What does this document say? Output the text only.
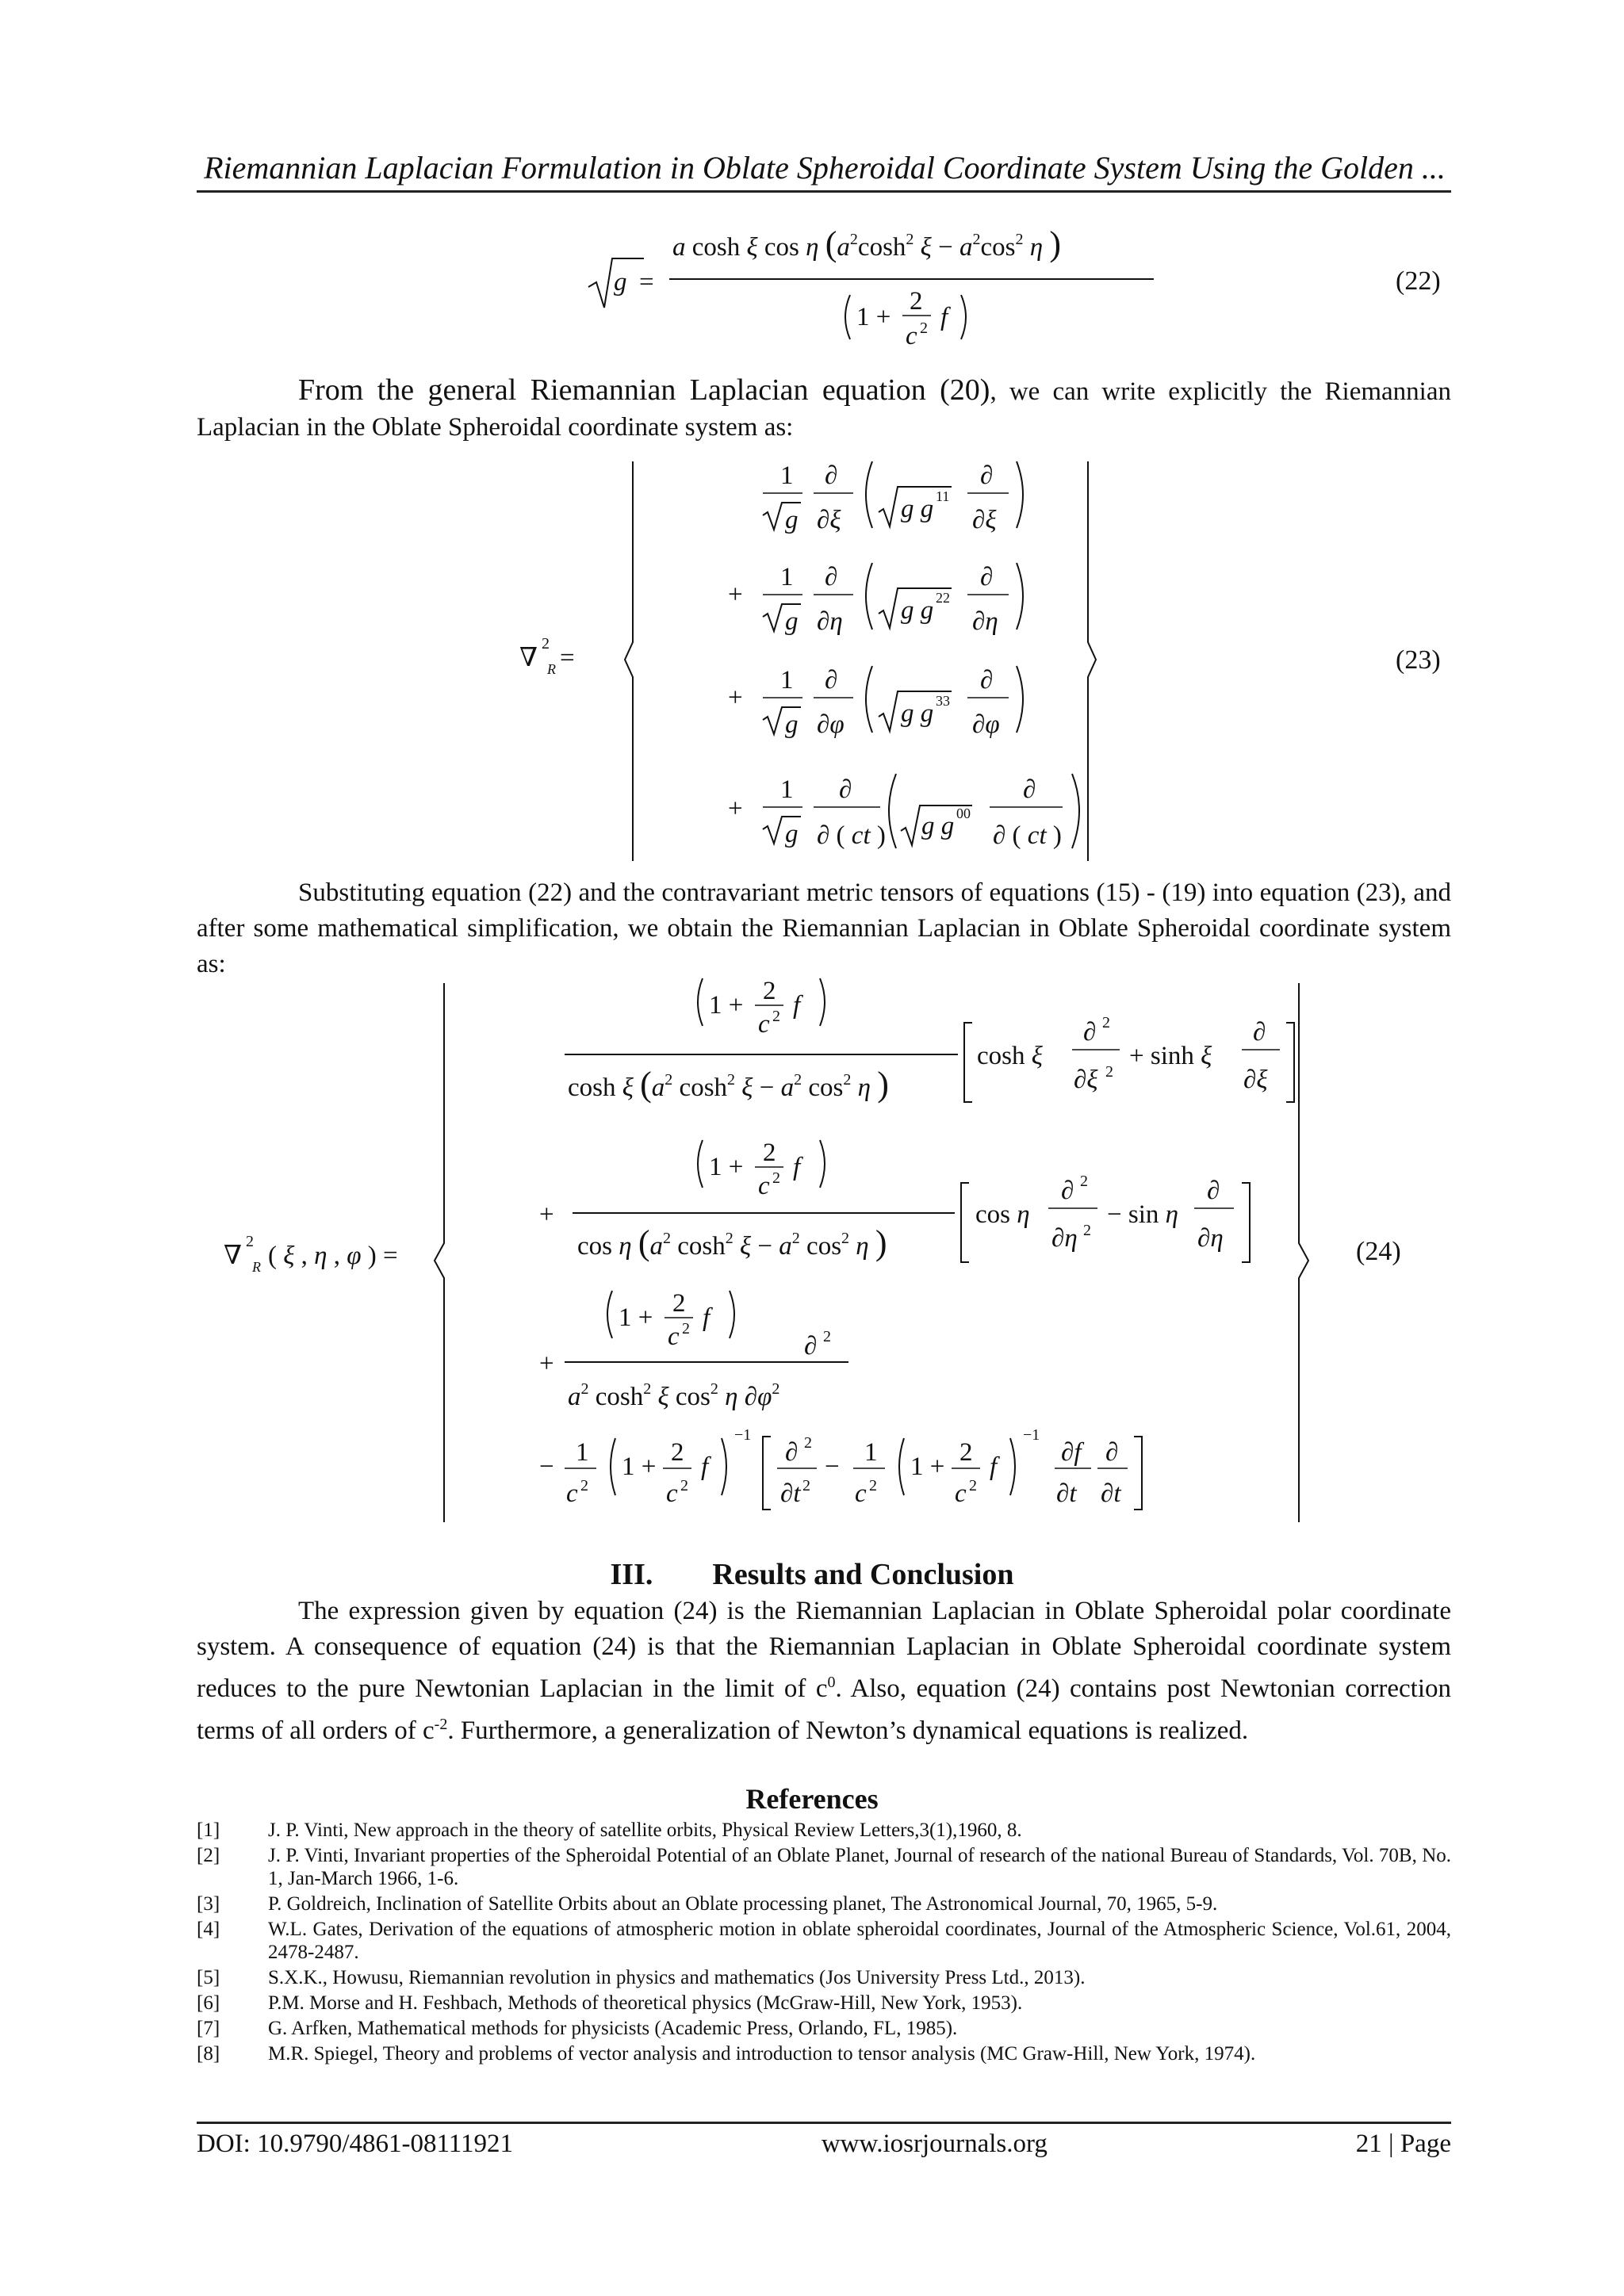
Riemannian Laplacian Formulation in Oblate Spheroidal Coordinate System Using the Golden ...
g =
a cosh ξ cos η ($a^2\cosh^2$ $\xi - a^2\cos^2$ η )
1 +
2
c 2 f
(22)
From the general Riemannian Laplacian equation (20), we can write explicitly the Riemannian Laplacian in the Oblate Spheroidal coordinate system as:
∇ 2
R =
1
g
∂
∂ξ g g 11
∂
∂ξ
+
1
g
∂
∂η g g 22
∂
∂η
+
1
g
∂
∂φ g g 33
∂
∂φ
+
1
g
∂
∂ ( ct ) g g 00
∂
∂ ( ct )
(23)
Substituting equation (22) and the contravariant metric tensors of equations (15) - (19) into equation (23), and after some mathematical simplification, we obtain the Riemannian Laplacian in Oblate Spheroidal coordinate system as:
∇ 2
R ( ξ , η , φ ) =
1 + 2
c 2 f
cosh ξ ($a^2$ $\cosh^2 \xi - a^2$ $\cos^2 \eta$ )
cosh ξ
∂ 2
∂ξ 2
+ sinh ξ
∂
∂ξ
+
1 + 2
c 2 f
cos η ($a^2$ $\cosh^2 \xi - a^2$ $\cos^2 \eta$ )
cos η
∂ 2
∂η 2
− sin η
∂
∂η
+
1 + 2
c 2 f
$a^2$ $\cosh^2 \xi$ $\cos^2 \eta$ $\partial\varphi^2$
∂ 2
− 1
c 2
1 + 2
c 2
f
−1
∂ 2
∂t 2
− 1
c 2
1 + 2
c 2
f
−1
∂f
∂t
∂
∂t
(24)
III. Results and Conclusion
The expression given by equation (24) is the Riemannian Laplacian in Oblate Spheroidal polar coordinate system. A consequence of equation (24) is that the Riemannian Laplacian in Oblate Spheroidal coordinate system reduces to the pure Newtonian Laplacian in the limit of $c^0$. Also, equation (24) contains post Newtonian correction terms of all orders of $c^{-2}$. Furthermore, a generalization of Newton’s dynamical equations is realized.
References
[1]	J. P. Vinti, New approach in the theory of satellite orbits, Physical Review Letters,3(1),1960, 8.
[2]	J. P. Vinti, Invariant properties of the Spheroidal Potential of an Oblate Planet, Journal of research of the national Bureau of Standards, Vol. 70B, No. 1, Jan-March 1966, 1-6.
[3]	P. Goldreich, Inclination of Satellite Orbits about an Oblate processing planet, The Astronomical Journal, 70, 1965, 5-9.
[4]	W.L. Gates, Derivation of the equations of atmospheric motion in oblate spheroidal coordinates, Journal of the Atmospheric Science, Vol.61, 2004, 2478-2487.
[5]	S.X.K., Howusu, Riemannian revolution in physics and mathematics (Jos University Press Ltd., 2013).
[6]	P.M. Morse and H. Feshbach, Methods of theoretical physics (McGraw-Hill, New York, 1953).
[7]	G. Arfken, Mathematical methods for physicists (Academic Press, Orlando, FL, 1985).
[8]	M.R. Spiegel, Theory and problems of vector analysis and introduction to tensor analysis (MC Graw-Hill, New York, 1974).
DOI: 10.9790/4861-08111921	www.iosrjournals.org	21 | Page
